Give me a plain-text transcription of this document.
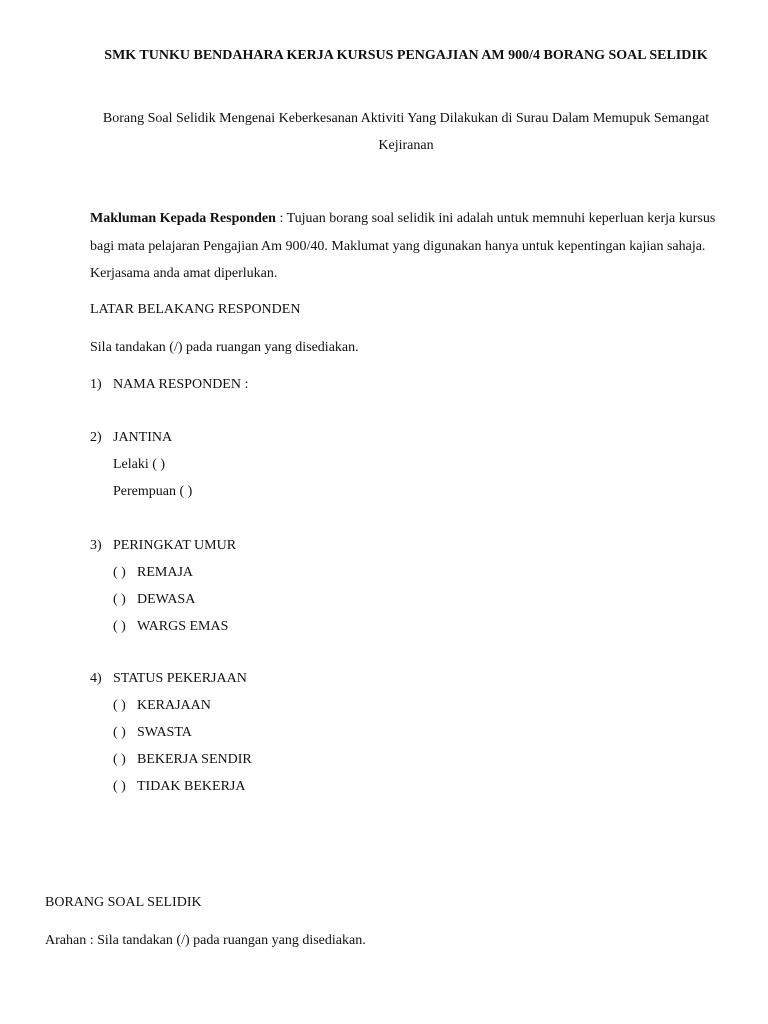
SMK TUNKU BENDAHARA KERJA KURSUS PENGAJIAN AM 900/4 BORANG SOAL SELIDIK
Borang Soal Selidik Mengenai Keberkesanan Aktiviti Yang Dilakukan di Surau Dalam Memupuk Semangat Kejiranan
Makluman Kepada Responden : Tujuan borang soal selidik ini adalah untuk memnuhi keperluan kerja kursus bagi mata pelajaran Pengajian Am 900/40. Maklumat yang digunakan hanya untuk kepentingan kajian sahaja. Kerjasama anda amat diperlukan.
LATAR BELAKANG RESPONDEN
Sila tandakan (/) pada ruangan yang disediakan.
1) NAMA RESPONDEN :
2) JANTINA
Lelaki ( )
Perempuan ( )
3) PERINGKAT UMUR
( ) REMAJA
( ) DEWASA
( ) WARGS EMAS
4) STATUS PEKERJAAN
( ) KERAJAAN
( ) SWASTA
( ) BEKERJA SENDIR
( ) TIDAK BEKERJA
BORANG SOAL SELIDIK
Arahan : Sila tandakan (/) pada ruangan yang disediakan.
